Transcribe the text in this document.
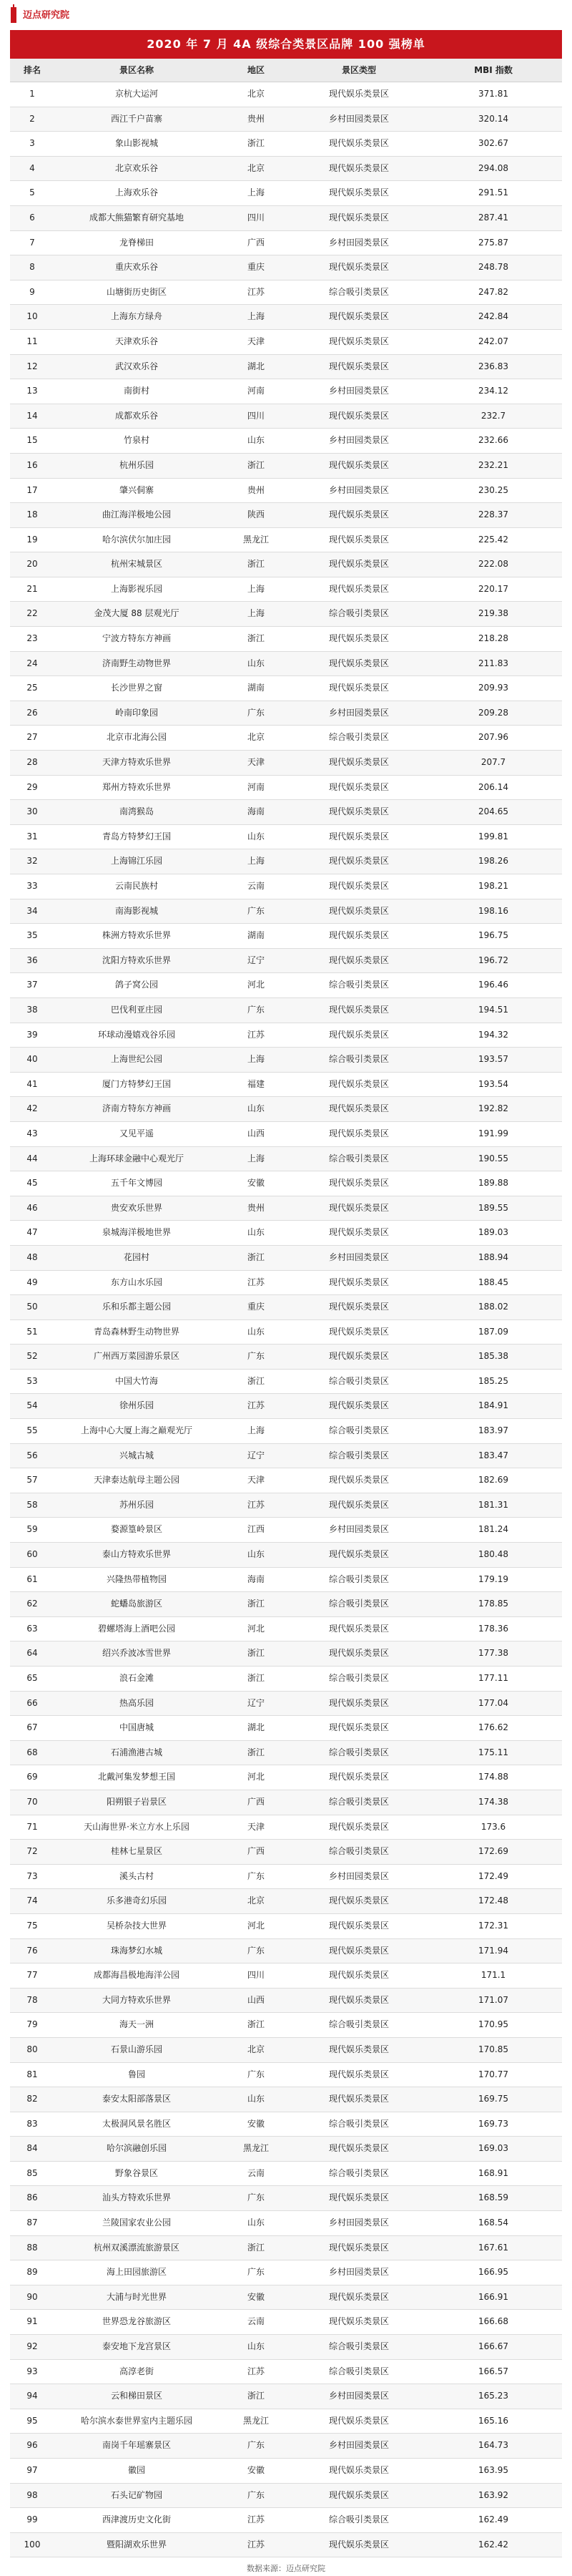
迈点研究院
2020 年 7 月 4A 级综合类景区品牌 100 强榜单
排名	景区名称	地区	景区类型	MBI 指数
1	京杭大运河	北京	现代娱乐类景区	371.81
2	西江千户苗寨	贵州	乡村田园类景区	320.14
3	象山影视城	浙江	现代娱乐类景区	302.67
4	北京欢乐谷	北京	现代娱乐类景区	294.08
5	上海欢乐谷	上海	现代娱乐类景区	291.51
6	成都大熊猫繁育研究基地	四川	现代娱乐类景区	287.41
7	龙脊梯田	广西	乡村田园类景区	275.87
8	重庆欢乐谷	重庆	现代娱乐类景区	248.78
9	山塘街历史街区	江苏	综合吸引类景区	247.82
10	上海东方绿舟	上海	现代娱乐类景区	242.84
11	天津欢乐谷	天津	现代娱乐类景区	242.07
12	武汉欢乐谷	湖北	现代娱乐类景区	236.83
13	南街村	河南	乡村田园类景区	234.12
14	成都欢乐谷	四川	现代娱乐类景区	232.7
15	竹泉村	山东	乡村田园类景区	232.66
16	杭州乐园	浙江	现代娱乐类景区	232.21
17	肇兴侗寨	贵州	乡村田园类景区	230.25
18	曲江海洋极地公园	陕西	现代娱乐类景区	228.37
19	哈尔滨伏尔加庄园	黑龙江	现代娱乐类景区	225.42
20	杭州宋城景区	浙江	现代娱乐类景区	222.08
21	上海影视乐园	上海	现代娱乐类景区	220.17
22	金茂大厦 88 层观光厅	上海	综合吸引类景区	219.38
23	宁波方特东方神画	浙江	现代娱乐类景区	218.28
24	济南野生动物世界	山东	现代娱乐类景区	211.83
25	长沙世界之窗	湖南	现代娱乐类景区	209.93
26	岭南印象园	广东	乡村田园类景区	209.28
27	北京市北海公园	北京	综合吸引类景区	207.96
28	天津方特欢乐世界	天津	现代娱乐类景区	207.7
29	郑州方特欢乐世界	河南	现代娱乐类景区	206.14
30	南湾猴岛	海南	现代娱乐类景区	204.65
31	青岛方特梦幻王国	山东	现代娱乐类景区	199.81
32	上海锦江乐园	上海	现代娱乐类景区	198.26
33	云南民族村	云南	现代娱乐类景区	198.21
34	南海影视城	广东	现代娱乐类景区	198.16
35	株洲方特欢乐世界	湖南	现代娱乐类景区	196.75
36	沈阳方特欢乐世界	辽宁	现代娱乐类景区	196.72
37	鸽子窝公园	河北	综合吸引类景区	196.46
38	巴伐利亚庄园	广东	现代娱乐类景区	194.51
39	环球动漫嬉戏谷乐园	江苏	现代娱乐类景区	194.32
40	上海世纪公园	上海	综合吸引类景区	193.57
41	厦门方特梦幻王国	福建	现代娱乐类景区	193.54
42	济南方特东方神画	山东	现代娱乐类景区	192.82
43	又见平遥	山西	现代娱乐类景区	191.99
44	上海环球金融中心观光厅	上海	综合吸引类景区	190.55
45	五千年文博园	安徽	现代娱乐类景区	189.88
46	贵安欢乐世界	贵州	现代娱乐类景区	189.55
47	泉城海洋极地世界	山东	现代娱乐类景区	189.03
48	花园村	浙江	乡村田园类景区	188.94
49	东方山水乐园	江苏	现代娱乐类景区	188.45
50	乐和乐都主题公园	重庆	现代娱乐类景区	188.02
51	青岛森林野生动物世界	山东	现代娱乐类景区	187.09
52	广州西万菜园游乐景区	广东	现代娱乐类景区	185.38
53	中国大竹海	浙江	综合吸引类景区	185.25
54	徐州乐园	江苏	现代娱乐类景区	184.91
55	上海中心大厦上海之巅观光厅	上海	综合吸引类景区	183.97
56	兴城古城	辽宁	综合吸引类景区	183.47
57	天津泰达航母主题公园	天津	现代娱乐类景区	182.69
58	苏州乐园	江苏	现代娱乐类景区	181.31
59	婺源篁岭景区	江西	乡村田园类景区	181.24
60	泰山方特欢乐世界	山东	现代娱乐类景区	180.48
61	兴隆热带植物园	海南	综合吸引类景区	179.19
62	蛇蟠岛旅游区	浙江	综合吸引类景区	178.85
63	碧螺塔海上酒吧公园	河北	现代娱乐类景区	178.36
64	绍兴乔波冰雪世界	浙江	现代娱乐类景区	177.38
65	浪石金滩	浙江	综合吸引类景区	177.11
66	热高乐园	辽宁	现代娱乐类景区	177.04
67	中国唐城	湖北	现代娱乐类景区	176.62
68	石浦渔港古城	浙江	综合吸引类景区	175.11
69	北戴河集发梦想王国	河北	现代娱乐类景区	174.88
70	阳朔银子岩景区	广西	综合吸引类景区	174.38
71	天山海世界·米立方水上乐园	天津	现代娱乐类景区	173.6
72	桂林七星景区	广西	综合吸引类景区	172.69
73	溪头古村	广东	乡村田园类景区	172.49
74	乐多港奇幻乐园	北京	现代娱乐类景区	172.48
75	吴桥杂技大世界	河北	现代娱乐类景区	172.31
76	珠海梦幻水城	广东	现代娱乐类景区	171.94
77	成都海昌极地海洋公园	四川	现代娱乐类景区	171.1
78	大同方特欢乐世界	山西	现代娱乐类景区	171.07
79	海天一洲	浙江	综合吸引类景区	170.95
80	石景山游乐园	北京	现代娱乐类景区	170.85
81	鲁园	广东	现代娱乐类景区	170.77
82	泰安太阳部落景区	山东	现代娱乐类景区	169.75
83	太极洞风景名胜区	安徽	综合吸引类景区	169.73
84	哈尔滨融创乐园	黑龙江	现代娱乐类景区	169.03
85	野象谷景区	云南	综合吸引类景区	168.91
86	汕头方特欢乐世界	广东	现代娱乐类景区	168.59
87	兰陵国家农业公园	山东	乡村田园类景区	168.54
88	杭州双溪漂流旅游景区	浙江	现代娱乐类景区	167.61
89	海上田园旅游区	广东	乡村田园类景区	166.95
90	大浦与时光世界	安徽	现代娱乐类景区	166.91
91	世界恐龙谷旅游区	云南	现代娱乐类景区	166.68
92	泰安地下龙宫景区	山东	综合吸引类景区	166.67
93	高淳老街	江苏	综合吸引类景区	166.57
94	云和梯田景区	浙江	乡村田园类景区	165.23
95	哈尔滨水泰世界室内主题乐园	黑龙江	现代娱乐类景区	165.16
96	南岗千年瑶寨景区	广东	乡村田园类景区	164.73
97	徽园	安徽	现代娱乐类景区	163.95
98	石头记矿物园	广东	现代娱乐类景区	163.92
99	西津渡历史文化街	江苏	综合吸引类景区	162.49
100	暨阳湖欢乐世界	江苏	现代娱乐类景区	162.42
数据来源：迈点研究院
